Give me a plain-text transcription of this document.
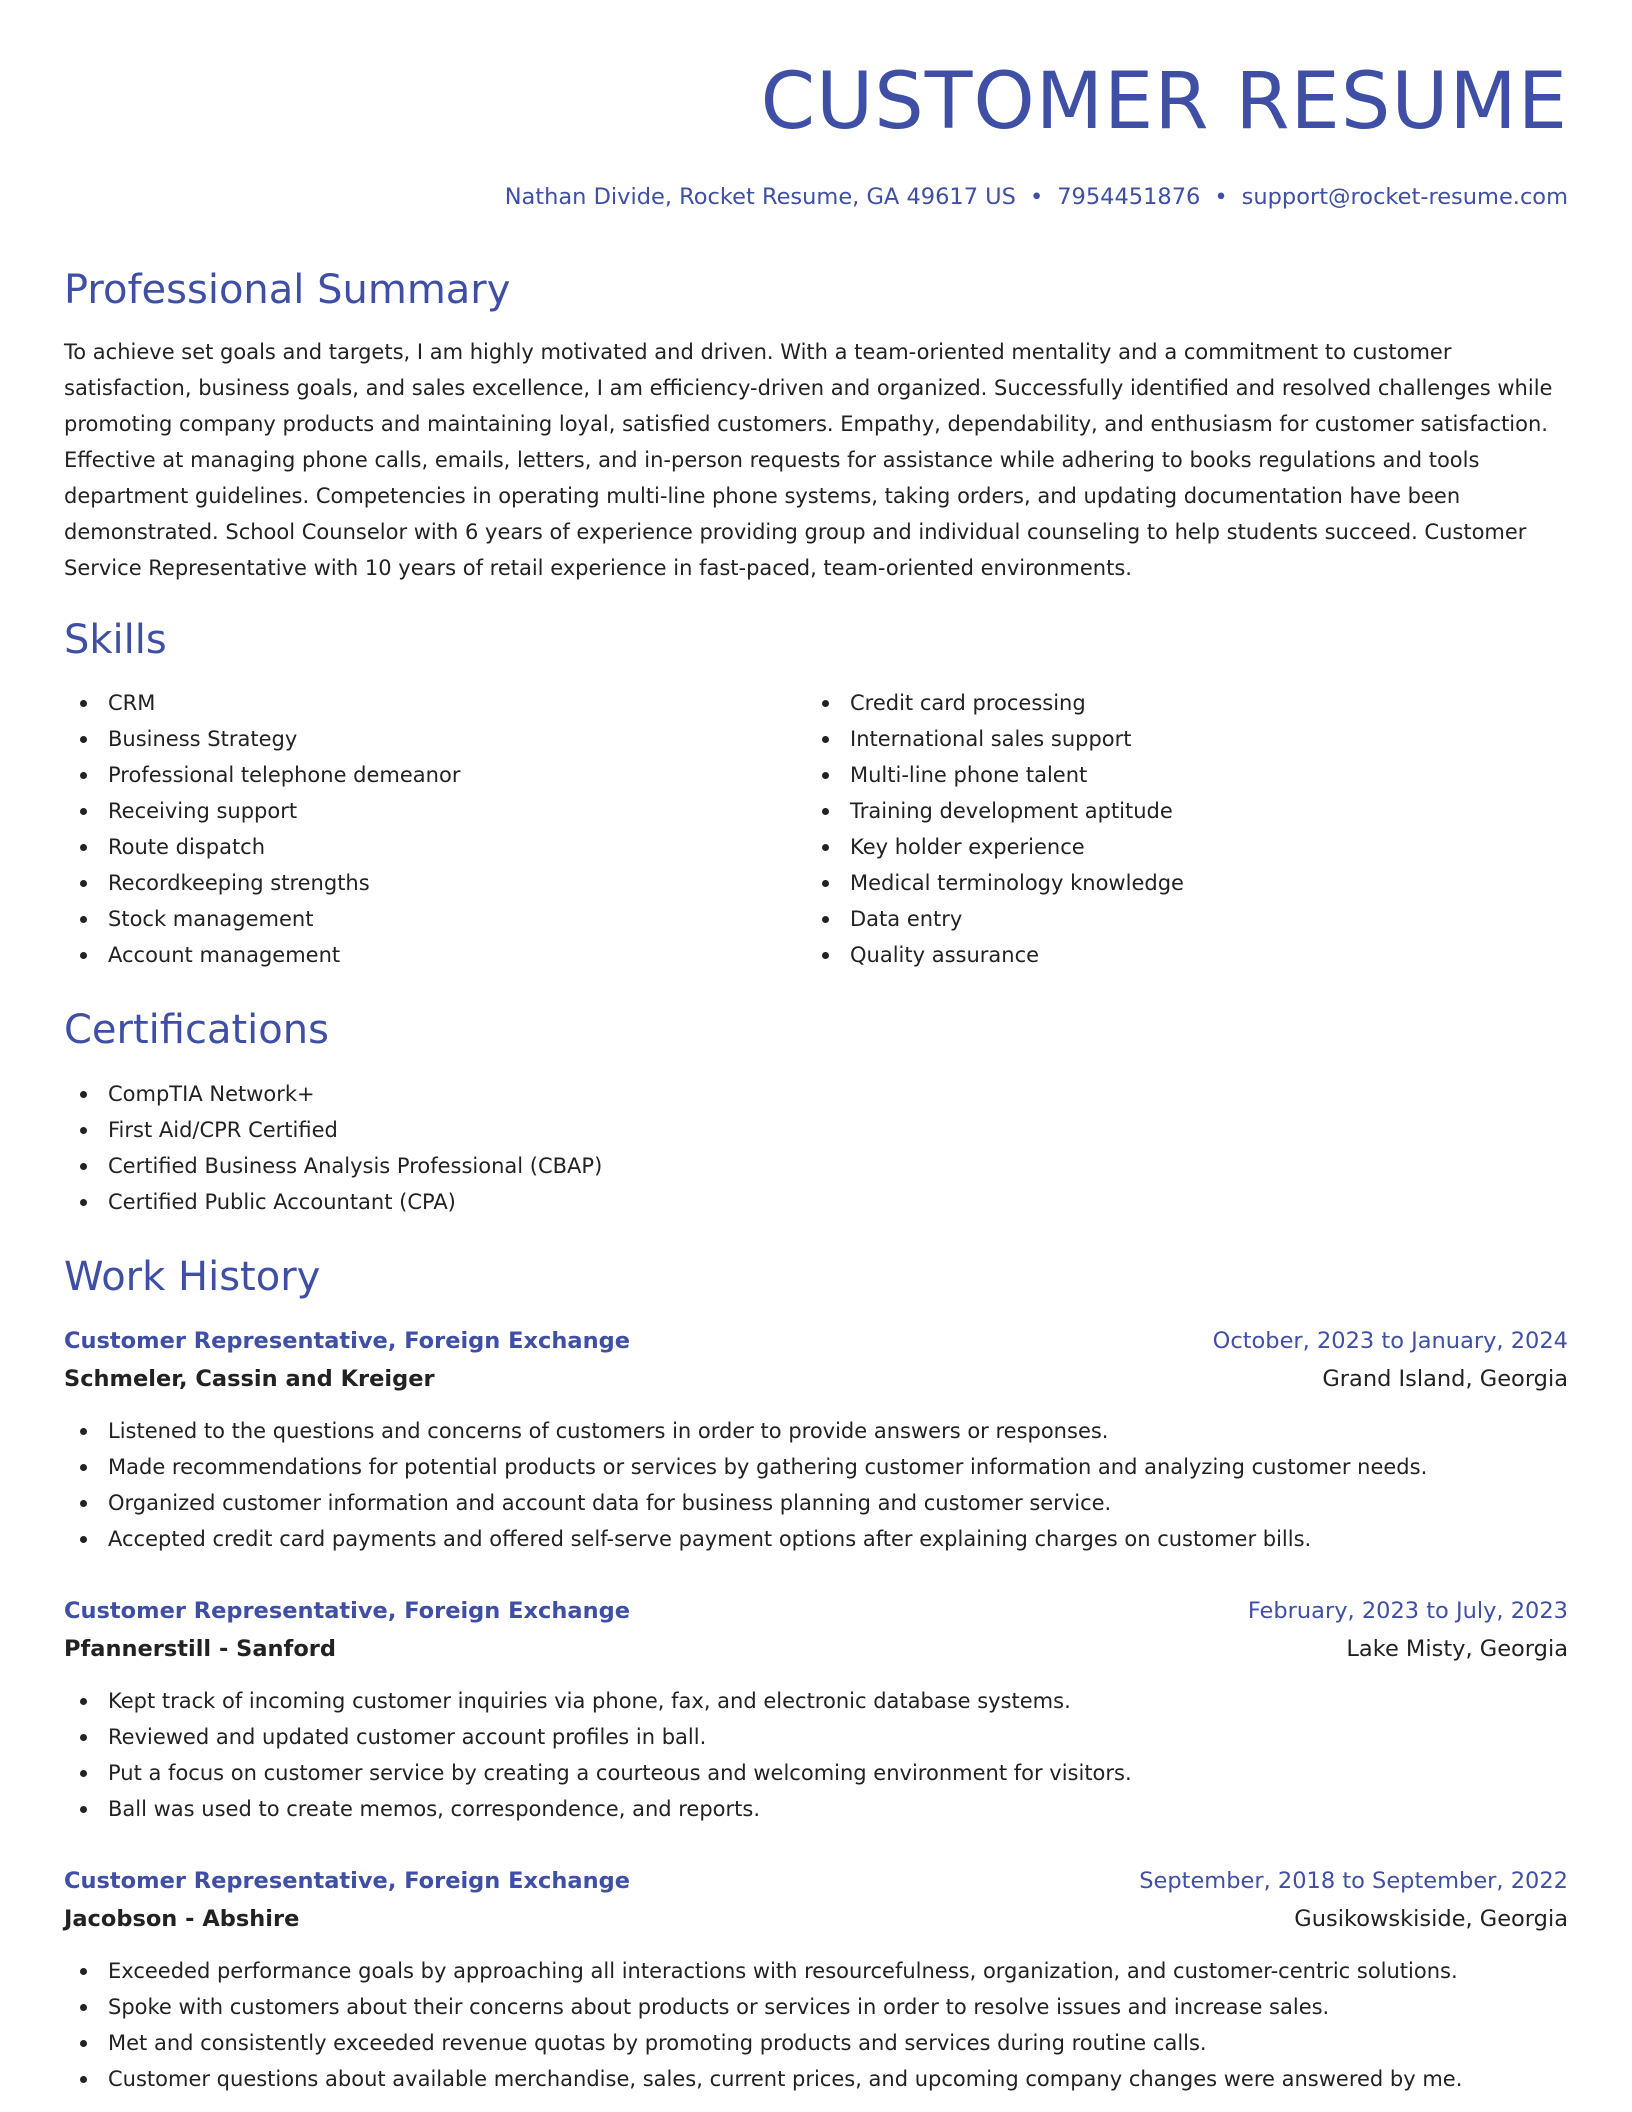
CUSTOMER RESUME
Nathan Divide, Rocket Resume, GA 49617 US • 7954451876 • support@rocket-resume.com
Professional Summary
To achieve set goals and targets, I am highly motivated and driven. With a team-oriented mentality and a commitment to customer satisfaction, business goals, and sales excellence, I am efficiency-driven and organized. Successfully identified and resolved challenges while promoting company products and maintaining loyal, satisfied customers. Empathy, dependability, and enthusiasm for customer satisfaction. Effective at managing phone calls, emails, letters, and in-person requests for assistance while adhering to books regulations and tools department guidelines. Competencies in operating multi-line phone systems, taking orders, and updating documentation have been demonstrated. School Counselor with 6 years of experience providing group and individual counseling to help students succeed. Customer Service Representative with 10 years of retail experience in fast-paced, team-oriented environments.
Skills
CRM
Business Strategy
Professional telephone demeanor
Receiving support
Route dispatch
Recordkeeping strengths
Stock management
Account management
Credit card processing
International sales support
Multi-line phone talent
Training development aptitude
Key holder experience
Medical terminology knowledge
Data entry
Quality assurance
Certifications
CompTIA Network+
First Aid/CPR Certified
Certified Business Analysis Professional (CBAP)
Certified Public Accountant (CPA)
Work History
Customer Representative, Foreign Exchange	October, 2023 to January, 2024
Schmeler, Cassin and Kreiger	Grand Island, Georgia
Listened to the questions and concerns of customers in order to provide answers or responses.
Made recommendations for potential products or services by gathering customer information and analyzing customer needs.
Organized customer information and account data for business planning and customer service.
Accepted credit card payments and offered self-serve payment options after explaining charges on customer bills.
Customer Representative, Foreign Exchange	February, 2023 to July, 2023
Pfannerstill - Sanford	Lake Misty, Georgia
Kept track of incoming customer inquiries via phone, fax, and electronic database systems.
Reviewed and updated customer account profiles in ball.
Put a focus on customer service by creating a courteous and welcoming environment for visitors.
Ball was used to create memos, correspondence, and reports.
Customer Representative, Foreign Exchange	September, 2018 to September, 2022
Jacobson - Abshire	Gusikowskiside, Georgia
Exceeded performance goals by approaching all interactions with resourcefulness, organization, and customer-centric solutions.
Spoke with customers about their concerns about products or services in order to resolve issues and increase sales.
Met and consistently exceeded revenue quotas by promoting products and services during routine calls.
Customer questions about available merchandise, sales, current prices, and upcoming company changes were answered by me.
